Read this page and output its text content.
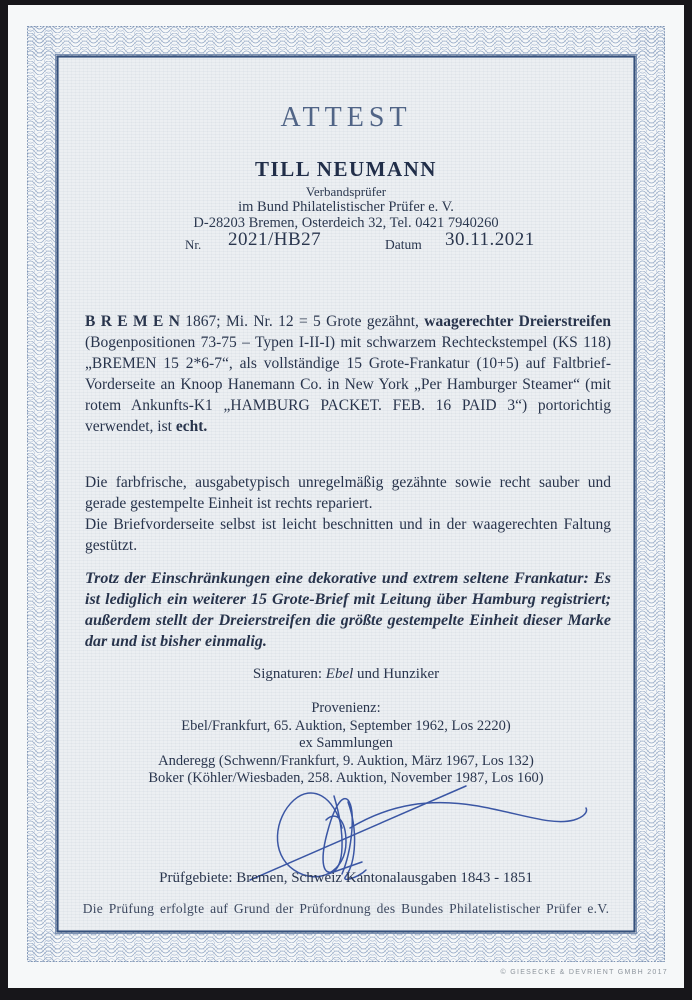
ATTEST
TILL NEUMANN
Verbandsprüfer
im Bund Philatelistischer Prüfer e. V.
D-28203 Bremen, Osterdeich 32, Tel. 0421 7940260
Nr. 2021/HB27	Datum 30.11.2021

B R E M E N 1867; Mi. Nr. 12 = 5 Grote gezähnt, waagerechter Dreierstreifen (Bogenpositionen 73-75 – Typen I-II-I) mit schwarzem Rechteckstempel (KS 118) „BREMEN 15 2*6-7“, als vollständige 15 Grote-Frankatur (10+5) auf Faltbrief-Vorderseite an Knoop Hanemann Co. in New York „Per Hamburger Steamer“ (mit rotem Ankunfts-K1 „HAMBURG PACKET. FEB. 16 PAID 3“) portorichtig verwendet, ist echt.

Die farbfrische, ausgabetypisch unregelmäßig gezähnte sowie recht sauber und gerade gestempelte Einheit ist rechts repariert.

Die Briefvorderseite selbst ist leicht beschnitten und in der waagerechten Faltung gestützt.

Trotz der Einschränkungen eine dekorative und extrem seltene Frankatur: Es ist lediglich ein weiterer 15 Grote-Brief mit Leitung über Hamburg registriert; außerdem stellt der Dreierstreifen die größte gestempelte Einheit dieser Marke dar und ist bisher einmalig.

Signaturen: Ebel und Hunziker
Provenienz:
Ebel/Frankfurt, 65. Auktion, September 1962, Los 2220)
ex Sammlungen
Anderegg (Schwenn/Frankfurt, 9. Auktion, März 1967, Los 132)
Boker (Köhler/Wiesbaden, 258. Auktion, November 1987, Los 160)
Prüfgebiete: Bremen, Schweiz Kantonalausgaben 1843 - 1851
Die Prüfung erfolgte auf Grund der Prüfordnung des Bundes Philatelistischer Prüfer e.V.
© GIESECKE & DEVRIENT GMBH 2017
